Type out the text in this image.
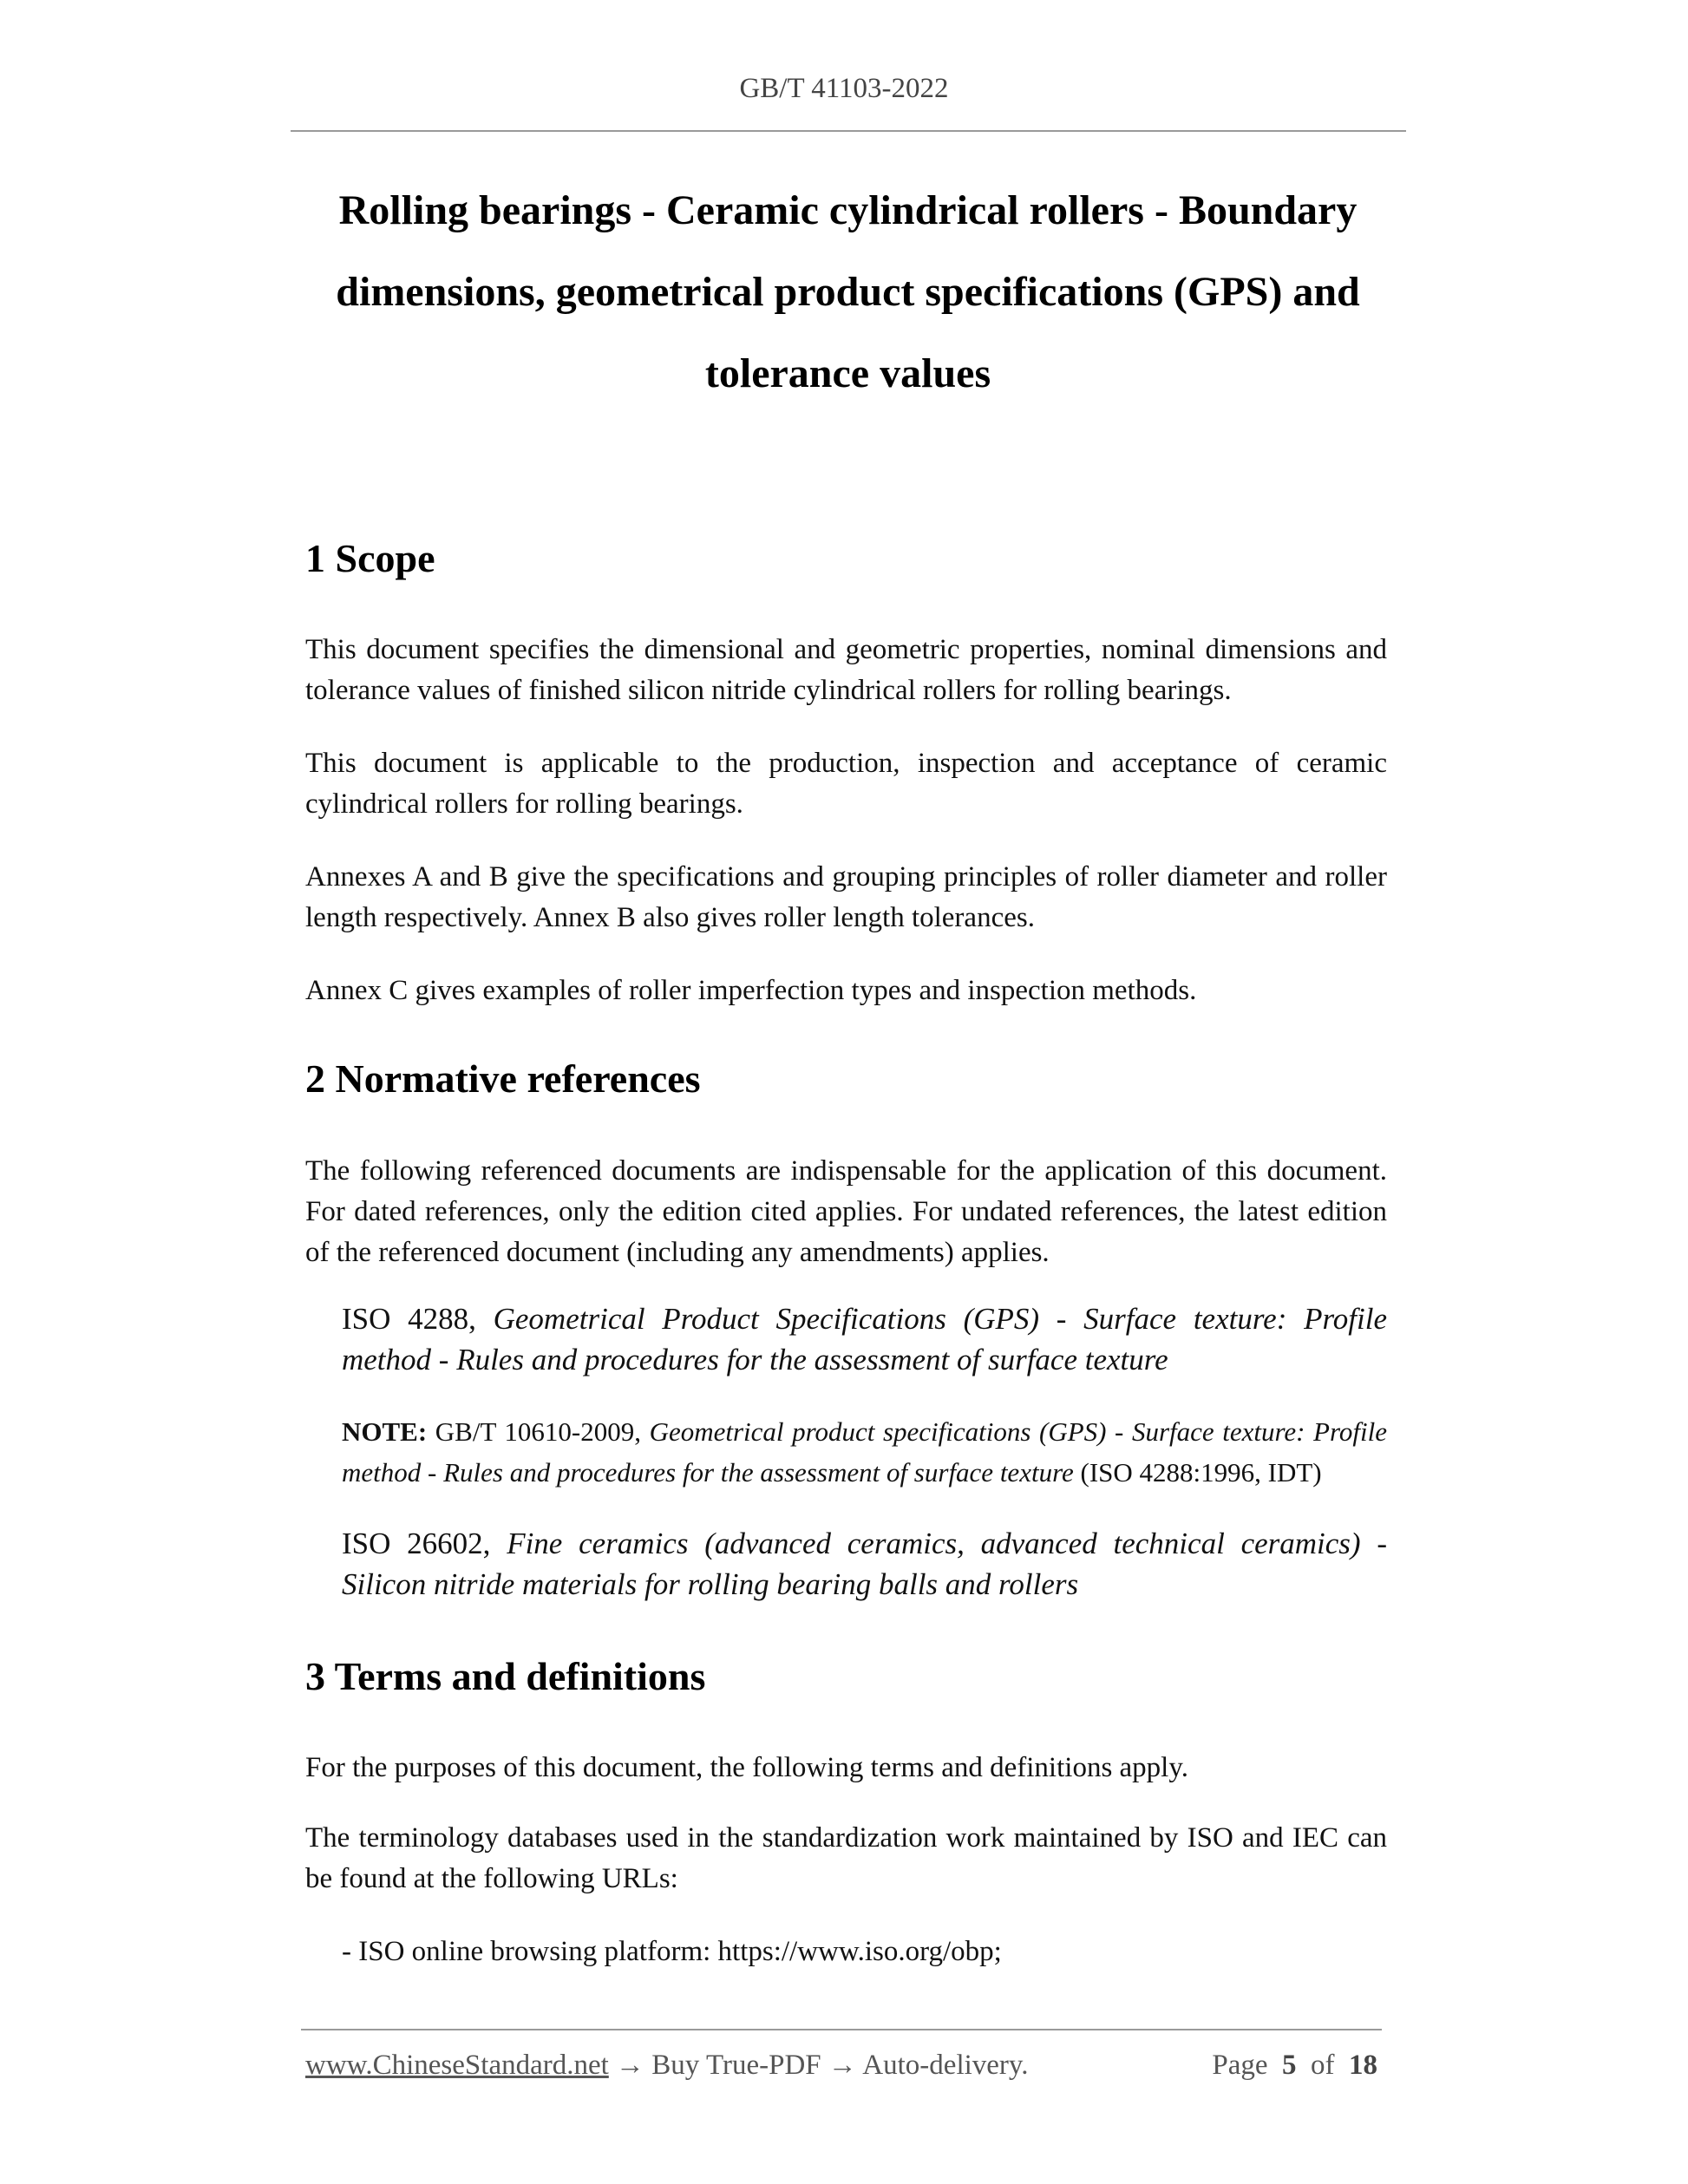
GB/T 41103-2022
Rolling bearings - Ceramic cylindrical rollers - Boundary
dimensions, geometrical product specifications (GPS) and
tolerance values
1 Scope

This document specifies the dimensional and geometric properties, nominal dimensions and tolerance values of finished silicon nitride cylindrical rollers for rolling bearings.

This document is applicable to the production, inspection and acceptance of ceramic cylindrical rollers for rolling bearings.

Annexes A and B give the specifications and grouping principles of roller diameter and roller length respectively. Annex B also gives roller length tolerances.

Annex C gives examples of roller imperfection types and inspection methods.

2 Normative references

The following referenced documents are indispensable for the application of this document. For dated references, only the edition cited applies. For undated references, the latest edition of the referenced document (including any amendments) applies.

ISO 4288, Geometrical Product Specifications (GPS) - Surface texture: Profile method - Rules and procedures for the assessment of surface texture

NOTE: GB/T 10610-2009, Geometrical product specifications (GPS) - Surface texture: Profile method - Rules and procedures for the assessment of surface texture (ISO 4288:1996, IDT)

ISO 26602, Fine ceramics (advanced ceramics, advanced technical ceramics) - Silicon nitride materials for rolling bearing balls and rollers

3 Terms and definitions

For the purposes of this document, the following terms and definitions apply.

The terminology databases used in the standardization work maintained by ISO and IEC can be found at the following URLs:

- ISO online browsing platform: https://www.iso.org/obp;

www.ChineseStandard.net → Buy True-PDF → Auto-delivery.	Page 5 of 18
